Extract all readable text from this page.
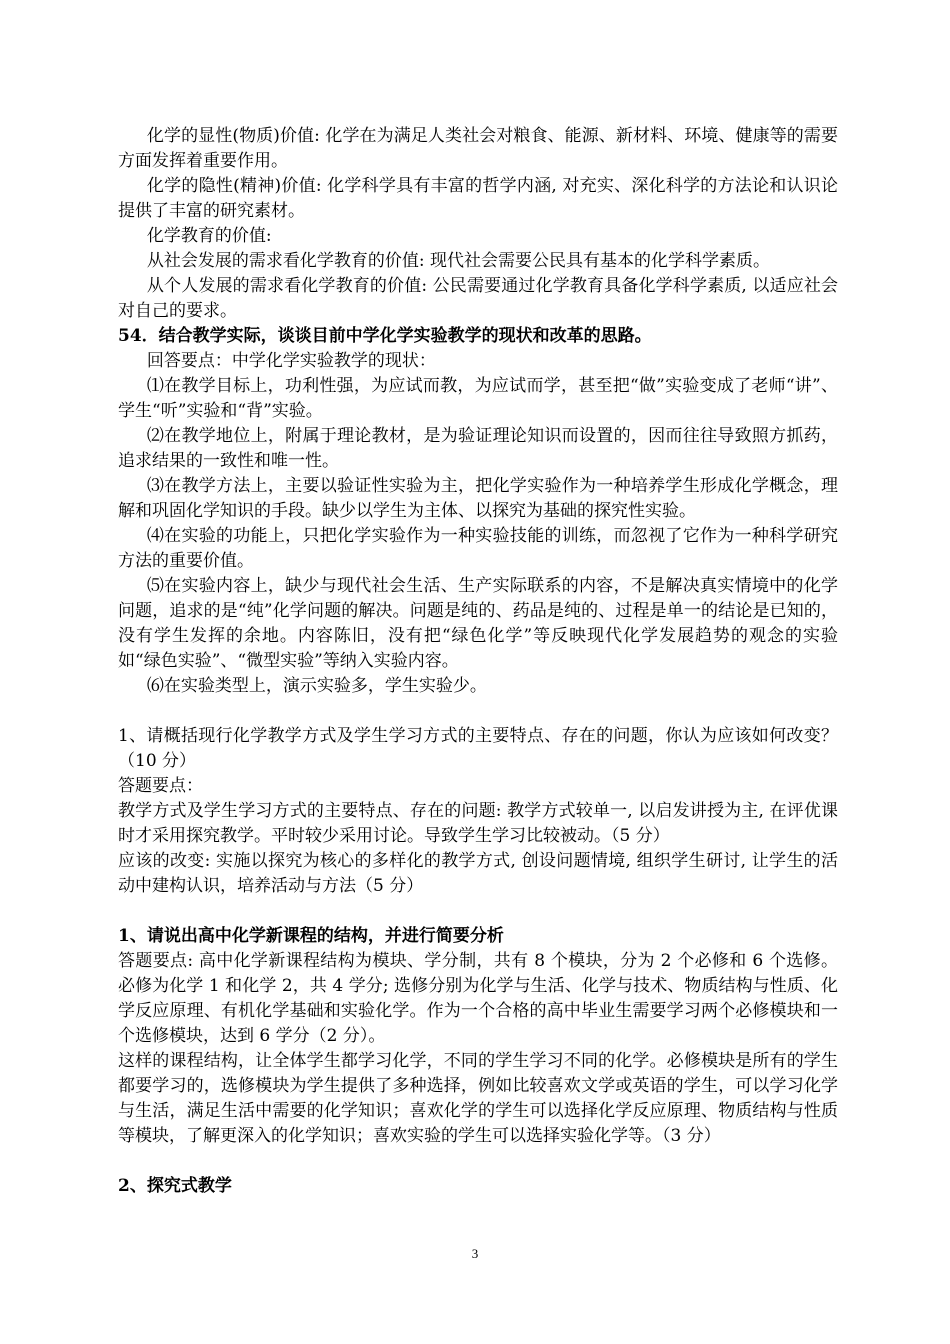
化学的显性(物质)价值: 化学在为满足人类社会对粮食、能源、新材料、环境、健康等的需要方面发挥着重要作用。

化学的隐性(精神)价值: 化学科学具有丰富的哲学内涵, 对充实、深化科学的方法论和认识论提供了丰富的研究素材。

化学教育的价值:

从社会发展的需求看化学教育的价值: 现代社会需要公民具有基本的化学科学素质。

从个人发展的需求看化学教育的价值: 公民需要通过化学教育具备化学科学素质, 以适应社会对自己的要求。

54．结合教学实际，谈谈目前中学化学实验教学的现状和改革的思路。

回答要点：中学化学实验教学的现状：

⑴在教学目标上，功利性强，为应试而教，为应试而学，甚至把“做”实验变成了老师“讲”、学生“听”实验和“背”实验。

⑵在教学地位上，附属于理论教材，是为验证理论知识而设置的，因而往往导致照方抓药，追求结果的一致性和唯一性。

⑶在教学方法上，主要以验证性实验为主，把化学实验作为一种培养学生形成化学概念，理解和巩固化学知识的手段。缺少以学生为主体、以探究为基础的探究性实验。

⑷在实验的功能上，只把化学实验作为一种实验技能的训练，而忽视了它作为一种科学研究方法的重要价值。

⑸在实验内容上，缺少与现代社会生活、生产实际联系的内容，不是解决真实情境中的化学问题，追求的是“纯”化学问题的解决。问题是纯的、药品是纯的、过程是单一的结论是已知的，没有学生发挥的余地。内容陈旧，没有把“绿色化学”等反映现代化学发展趋势的观念的实验如“绿色实验”、“微型实验”等纳入实验内容。

⑹在实验类型上，演示实验多，学生实验少。

1、请概括现行化学教学方式及学生学习方式的主要特点、存在的问题，你认为应该如何改变？（10 分）

答题要点：

教学方式及学生学习方式的主要特点、存在的问题: 教学方式较单一, 以启发讲授为主, 在评优课时才采用探究教学。平时较少采用讨论。导致学生学习比较被动。（5 分）

应该的改变: 实施以探究为核心的多样化的教学方式, 创设问题情境, 组织学生研讨, 让学生的活动中建构认识，培养活动与方法（5 分）

1、请说出高中化学新课程的结构，并进行简要分析

答题要点: 高中化学新课程结构为模块、学分制，共有 8 个模块，分为 2 个必修和 6 个选修。必修为化学 1 和化学 2，共 4 学分; 选修分别为化学与生活、化学与技术、物质结构与性质、化学反应原理、有机化学基础和实验化学。作为一个合格的高中毕业生需要学习两个必修模块和一个选修模块，达到 6 学分（2 分）。

这样的课程结构，让全体学生都学习化学，不同的学生学习不同的化学。必修模块是所有的学生都要学习的，选修模块为学生提供了多种选择，例如比较喜欢文学或英语的学生，可以学习化学与生活，满足生活中需要的化学知识；喜欢化学的学生可以选择化学反应原理、物质结构与性质等模块，了解更深入的化学知识；喜欢实验的学生可以选择实验化学等。（3 分）

2、探究式教学

3
